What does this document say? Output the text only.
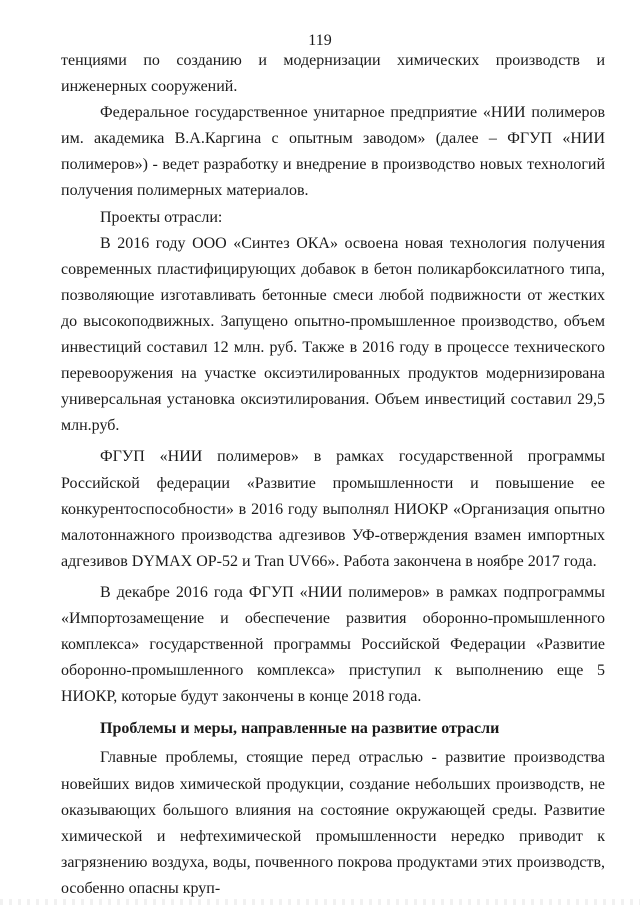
119

тенциями по созданию и модернизации химических производств и инженерных сооружений.

Федеральное государственное унитарное предприятие «НИИ полимеров им. академика В.А.Каргина с опытным заводом» (далее – ФГУП «НИИ полимеров») - ведет разработку и внедрение в производство новых технологий получения полимерных материалов.

Проекты отрасли:

В 2016 году ООО «Синтез ОКА» освоена новая технология получения современных пластифицирующих добавок в бетон поликарбоксилатного типа, позволяющие изготавливать бетонные смеси любой подвижности от жестких до высокоподвижных. Запущено опытно-промышленное производство, объем инвестиций составил 12 млн. руб. Также в 2016 году в процессе технического перевооружения на участке оксиэтилированных продуктов модернизирована универсальная установка оксиэтилирования. Объем инвестиций составил 29,5 млн.руб.

ФГУП «НИИ полимеров» в рамках государственной программы Российской федерации «Развитие промышленности и повышение ее конкурентоспособности» в 2016 году выполнял НИОКР «Организация опытно малотоннажного производства адгезивов УФ-отверждения взамен импортных адгезивов DYMAX OP-52 и Tran UV66». Работа закончена в ноябре 2017 года.

В декабре 2016 года ФГУП «НИИ полимеров» в рамках подпрограммы «Импортозамещение и обеспечение развития оборонно-промышленного комплекса» государственной программы Российской Федерации «Развитие оборонно-промышленного комплекса» приступил к выполнению еще 5 НИОКР, которые будут закончены в конце 2018 года.

Проблемы и меры, направленные на развитие отрасли

Главные проблемы, стоящие перед отраслью - развитие производства новейших видов химической продукции, создание небольших производств, не оказывающих большого влияния на состояние окружающей среды. Развитие химической и нефтехимической промышленности нередко приводит к загрязнению воздуха, воды, почвенного покрова продуктами этих производств, особенно опасны круп-
